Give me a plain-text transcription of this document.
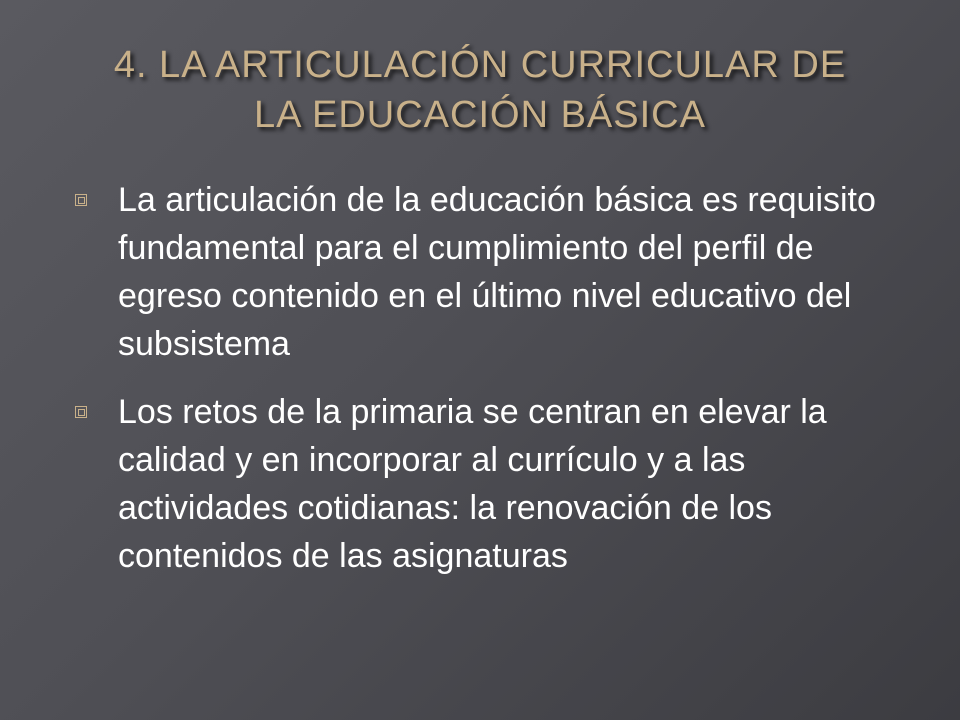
4. LA ARTICULACIÓN CURRICULAR DE
LA EDUCACIÓN BÁSICA
La articulación de la educación básica es requisito fundamental para el cumplimiento del perfil de egreso contenido en el último nivel educativo del subsistema
Los retos de la primaria se centran en elevar la calidad y en incorporar al currículo y a las actividades cotidianas: la renovación de los contenidos de las asignaturas
